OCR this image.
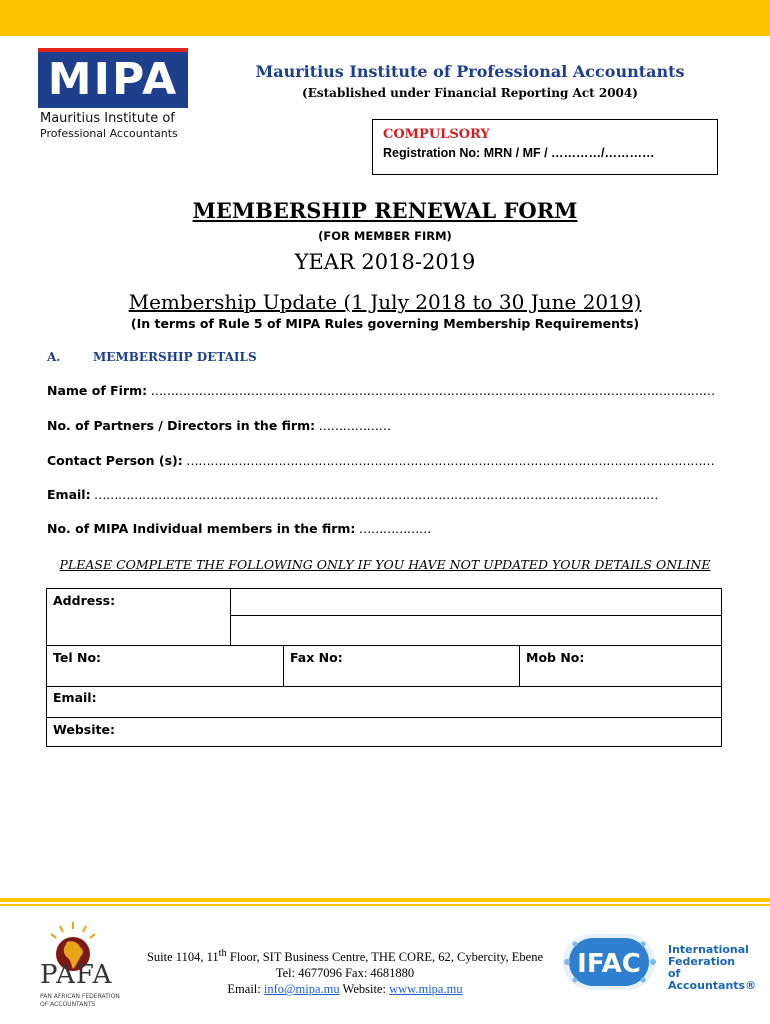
MIPA
Mauritius Institute of
Professional Accountants
Mauritius Institute of Professional Accountants
(Established under Financial Reporting Act 2004)
COMPULSORY
Registration No: MRN / MF / …………/…………
MEMBERSHIP RENEWAL FORM
(FOR MEMBER FIRM)
YEAR 2018-2019
Membership Update (1 July 2018 to 30 June 2019)
(In terms of Rule 5 of MIPA Rules governing Membership Requirements)
A.	MEMBERSHIP DETAILS
Name of Firm: ……………………………………………………………………………………………………………………………
No. of Partners / Directors in the firm: ………………
Contact Person (s): ……………………………………………………………………………………………………………………
Email: ……………………………………………………………………………………………………………………………
No. of MIPA Individual members in the firm: ………………
PLEASE COMPLETE THE FOLLOWING ONLY IF YOU HAVE NOT UPDATED YOUR DETAILS ONLINE
Address:
Tel No:	Fax No:	Mob No:
Email:
Website:
PAFA
PAN AFRICAN FEDERATION OF ACCOUNTANTS
Suite 1104, 11th Floor, SIT Business Centre, THE CORE, 62, Cybercity, Ebene
Tel: 4677096 Fax: 4681880
Email: info@mipa.mu Website: www.mipa.mu
IFAC International
Federation
of Accountants®
